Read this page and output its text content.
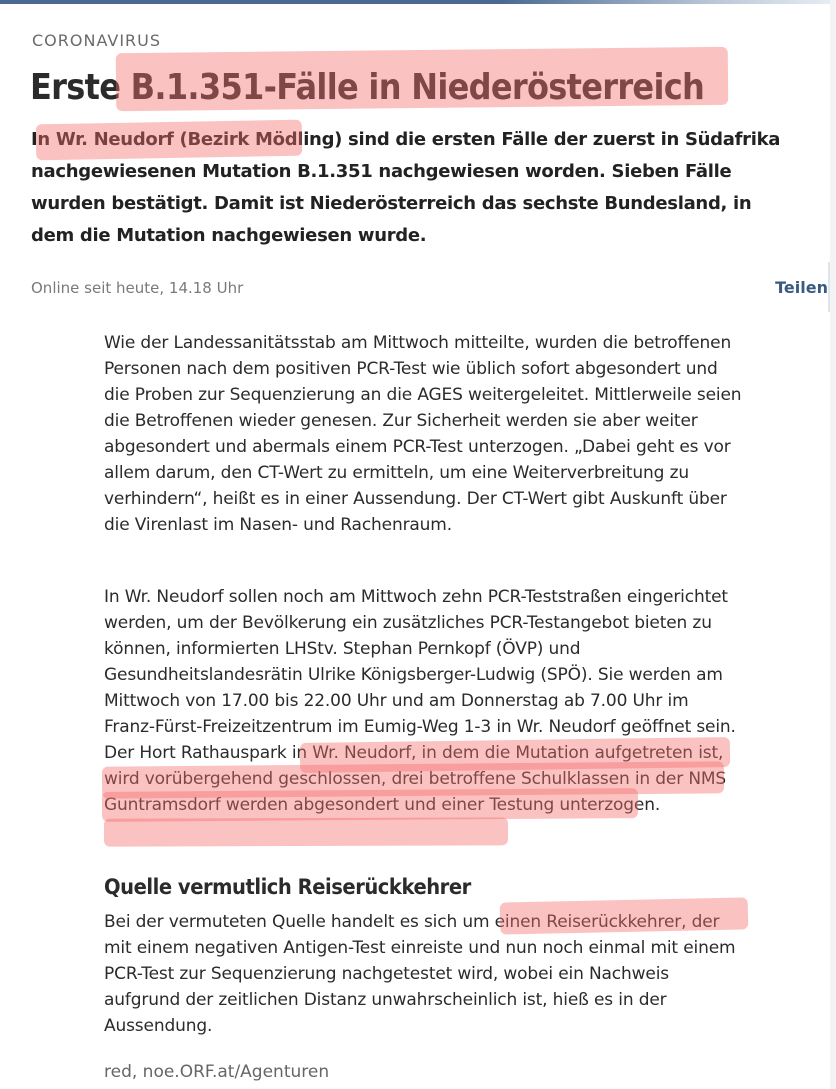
CORONAVIRUS

Erste B.1.351-Fälle in Niederösterreich

In Wr. Neudorf (Bezirk Mödling) sind die ersten Fälle der zuerst in Südafrika nachgewiesenen Mutation B.1.351 nachgewiesen worden. Sieben Fälle wurden bestätigt. Damit ist Niederösterreich das sechste Bundesland, in dem die Mutation nachgewiesen wurde.

Online seit heute, 14.18 Uhr	Teilen

Wie der Landessanitätsstab am Mittwoch mitteilte, wurden die betroffenen Personen nach dem positiven PCR-Test wie üblich sofort abgesondert und die Proben zur Sequenzierung an die AGES weitergeleitet. Mittlerweile seien die Betroffenen wieder genesen. Zur Sicherheit werden sie aber weiter abgesondert und abermals einem PCR-Test unterzogen. „Dabei geht es vor allem darum, den CT-Wert zu ermitteln, um eine Weiterverbreitung zu verhindern“, heißt es in einer Aussendung. Der CT-Wert gibt Auskunft über die Virenlast im Nasen- und Rachenraum.

In Wr. Neudorf sollen noch am Mittwoch zehn PCR-Teststraßen eingerichtet werden, um der Bevölkerung ein zusätzliches PCR-Testangebot bieten zu können, informierten LHStv. Stephan Pernkopf (ÖVP) und Gesundheitslandesrätin Ulrike Königsberger-Ludwig (SPÖ). Sie werden am Mittwoch von 17.00 bis 22.00 Uhr und am Donnerstag ab 7.00 Uhr im Franz-Fürst-Freizeitzentrum im Eumig-Weg 1-3 in Wr. Neudorf geöffnet sein. Der Hort Rathauspark in Wr. Neudorf, in dem die Mutation aufgetreten ist, wird vorübergehend geschlossen, drei betroffene Schulklassen in der NMS Guntramsdorf werden abgesondert und einer Testung unterzogen.

Quelle vermutlich Reiserückkehrer

Bei der vermuteten Quelle handelt es sich um einen Reiserückkehrer, der mit einem negativen Antigen-Test einreiste und nun noch einmal mit einem PCR-Test zur Sequenzierung nachgetestet wird, wobei ein Nachweis aufgrund der zeitlichen Distanz unwahrscheinlich ist, hieß es in der Aussendung.

red, noe.ORF.at/Agenturen
